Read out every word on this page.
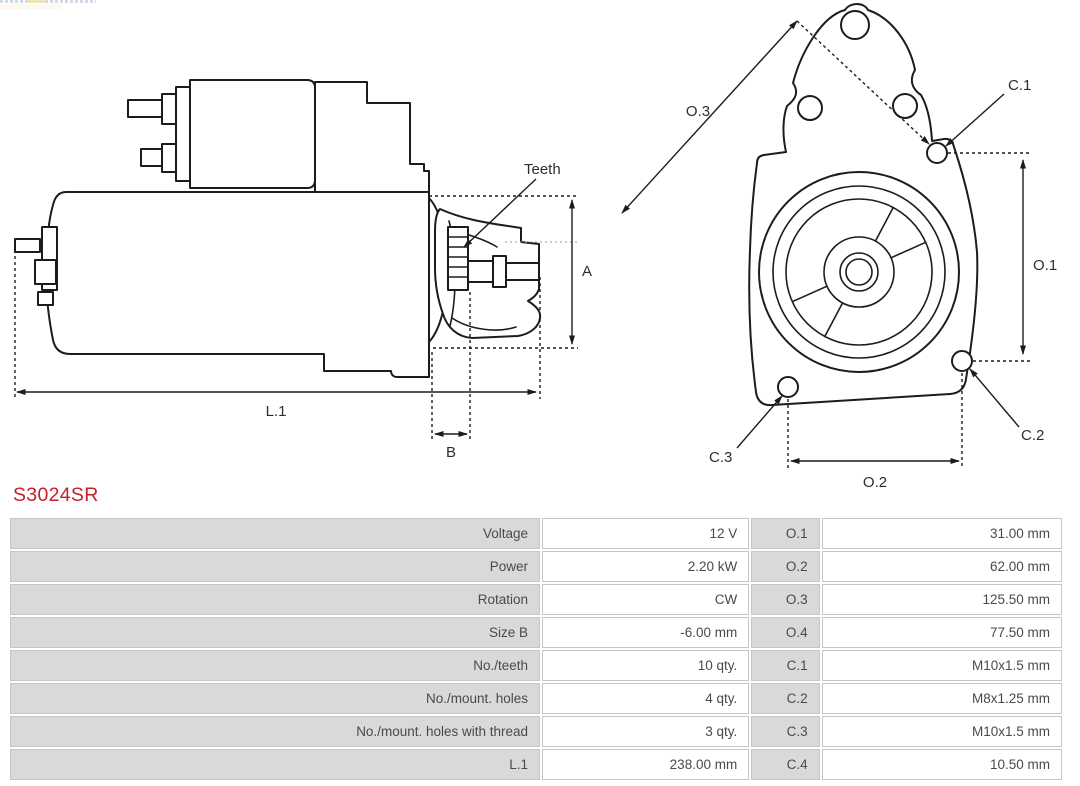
A
L.1
B
Teeth
O.3
C.1
O.1
C.3
C.2
O.2
S3024SR
Voltage	12 V	O.1	31.00 mm
Power	2.20 kW	O.2	62.00 mm
Rotation	CW	O.3	125.50 mm
Size B	-6.00 mm	O.4	77.50 mm
No./teeth	10 qty.	C.1	M10x1.5 mm
No./mount. holes	4 qty.	C.2	M8x1.25 mm
No./mount. holes with thread	3 qty.	C.3	M10x1.5 mm
L.1	238.00 mm	C.4	10.50 mm
